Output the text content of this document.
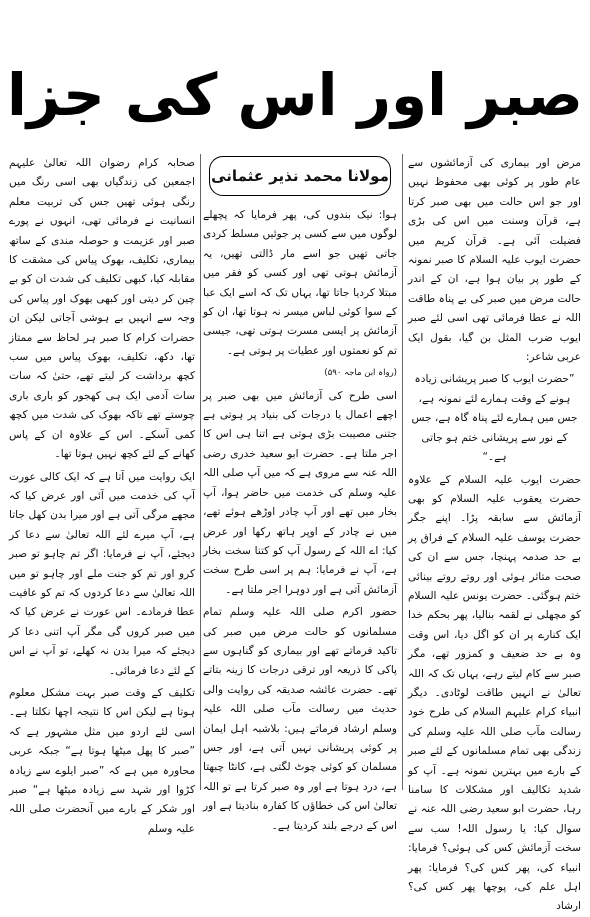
صبر اور اس کی جزا

مرض اور بیماری کی آزمائشوں سے عام طور پر کوئی بھی محفوظ نہیں اور جو اس حالت میں بھی صبر کرتا ہے، قرآن وسنت میں اس کی بڑی فضیلت آئی ہے۔ قرآن کریم میں حضرت ایوب علیہ السلام کا صبر نمونہ کے طور پر بیان ہوا ہے، ان کے اندر حالت مرض میں صبر کی بے پناہ طاقت اللہ نے عطا فرمائی تھی اسی لئے صبر ایوب ضرب المثل بن گیا، بقول ایک عربی شاعر:

”حضرت ایوب کا صبر پریشانی زیادہ ہونے کے وقت ہمارے لئے نمونہ ہے، جس میں ہمارے لئے پناہ گاہ ہے، جس کے نور سے پریشانی ختم ہو جاتی ہے۔“

حضرت ایوب علیہ السلام کے علاوہ حضرت یعقوب علیہ السلام کو بھی آزمائش سے سابقہ پڑا۔ اپنے جگر حضرت یوسف علیہ السلام کے فراق پر بے حد صدمہ پہنچا، جس سے ان کی صحت متاثر ہوئی اور روتے روتے بینائی ختم ہوگئی۔ حضرت یونس علیہ السلام کو مچھلی نے لقمہ بنالیا، پھر بحکم خدا ایک کنارے پر ان کو اگل دیا، اس وقت وہ بے حد ضعیف و کمزور تھے، مگر صبر سے کام لیتے رہے، یہاں تک کہ اللہ تعالیٰ نے انہیں طاقت لوٹادی۔ دیگر انبیاء کرام علیہم السلام کی طرح خود رسالت مآب صلی اللہ علیہ وسلم کی زندگی بھی تمام مسلمانوں کے لئے صبر کے بارے میں بہترین نمونہ ہے۔ آپ کو شدید تکالیف اور مشکلات کا سامنا رہا، حضرت ابو سعید رضی اللہ عنہ نے سوال کیا: یا رسول اللہ! سب سے سخت آزمائش کس کی ہوئی؟ فرمایا: انبیاء کی، پھر کس کی؟ فرمایا: پھر اہل علم کی، پوچھا پھر کس کی؟ ارشاد

مولانا محمد نذیر عثمانی

ہوا: نیک بندوں کی، پھر فرمایا کہ پچھلے لوگوں میں سے کسی پر جوئیں مسلط کردی جاتی تھیں جو اسے مار ڈالتی تھیں، یہ آزمائش ہوتی تھی اور کسی کو فقر میں مبتلا کردیا جاتا تھا، یہاں تک کہ اسے ایک عبا کے سوا کوئی لباس میسر نہ ہوتا تھا، ان کو آزمائش پر ایسی مسرت ہوتی تھی، جیسی تم کو نعمتوں اور عطیات پر ہوتی ہے۔

(رواہ ابن ماجہ ۵۹۰)

اسی طرح کی آزمائش میں بھی صبر پر اچھے اعمال یا درجات کی بنیاد پر ہوتی ہے جتنی مصیبت بڑی ہوتی ہے اتنا ہی اس کا اجر ملتا ہے۔ حضرت ابو سعید خدری رضی اللہ عنہ سے مروی ہے کہ میں آپ صلی اللہ علیہ وسلم کی خدمت میں حاضر ہوا، آپ بخار میں تھے اور آپ چادر اوڑھے ہوئے تھے، میں نے چادر کے اوپر ہاتھ رکھا اور عرض کیا: اے اللہ کے رسول آپ کو کتنا سخت بخار ہے، آپ نے فرمایا: ہم پر اسی طرح سخت آزمائش آتی ہے اور دوہرا اجر ملتا ہے۔

حضور اکرم صلی اللہ علیہ وسلم تمام مسلمانوں کو حالت مرض میں صبر کی تاکید فرماتے تھے اور بیماری کو گناہوں سے پاکی کا ذریعہ اور ترقی درجات کا زینہ بتاتے تھے۔ حضرت عائشہ صدیقہ کی روایت والی حدیث میں رسالت مآب صلی اللہ علیہ وسلم ارشاد فرماتے ہیں: بلاشبہ اہل ایمان پر کوئی پریشانی نہیں آتی ہے، اور جس مسلمان کو کوئی چوٹ لگتی ہے، کانٹا چبھتا ہے، درد ہوتا ہے اور وہ صبر کرتا ہے تو اللہ تعالیٰ اس کی خطاؤں کا کفارہ بنادیتا ہے اور اس کے درجے بلند کردیتا ہے۔

صحابہ کرام رضوان اللہ تعالیٰ علیہم اجمعین کی زندگیاں بھی اسی رنگ میں رنگی ہوئی تھیں جس کی تربیت معلم انسانیت نے فرمائی تھی، انہوں نے پورے صبر اور عزیمت و حوصلہ مندی کے ساتھ بیماری، تکلیف، بھوک پیاس کی مشقت کا مقابلہ کیا، کبھی تکلیف کی شدت ان کو بے چین کر دیتی اور کبھی بھوک اور پیاس کی وجہ سے انہیں بے ہوشی آجاتی لیکن ان حضرات کرام کا صبر ہر لحاظ سے ممتاز تھا، دکھ، تکلیف، بھوک پیاس میں سب کچھ برداشت کر لیتے تھے، حتیٰ کہ سات سات آدمی ایک ہی کھجور کو باری باری چوستے تھے تاکہ بھوک کی شدت میں کچھ کمی آسکے۔ اس کے علاوہ ان کے پاس کھانے کے لئے کچھ نہیں ہوتا تھا۔

ایک روایت میں آتا ہے کہ ایک کالی عورت آپ کی خدمت میں آئی اور عرض کیا کہ مجھے مرگی آتی ہے اور میرا بدن کھل جاتا ہے، آپ میرے لئے اللہ تعالیٰ سے دعا کر دیجئے، آپ نے فرمایا: اگر تم چاہو تو صبر کرو اور تم کو جنت ملے اور چاہو تو میں اللہ تعالیٰ سے دعا کردوں کہ تم کو عافیت عطا فرمادے۔ اس عورت نے عرض کیا کہ میں صبر کروں گی مگر آپ اتنی دعا کر دیجئے کہ میرا بدن نہ کھلے، تو آپ نے اس کے لئے دعا فرمائی۔

تکلیف کے وقت صبر بہت مشکل معلوم ہوتا ہے لیکن اس کا نتیجہ اچھا نکلتا ہے۔ اسی لئے اردو میں مثل مشہور ہے کہ ”صبر کا پھل میٹھا ہوتا ہے“ جبکہ عربی محاورہ میں ہے کہ ”صبر ایلوے سے زیادہ کڑوا اور شہد سے زیادہ میٹھا ہے“ صبر اور شکر کے بارے میں آنحضرت صلی اللہ علیہ وسلم
